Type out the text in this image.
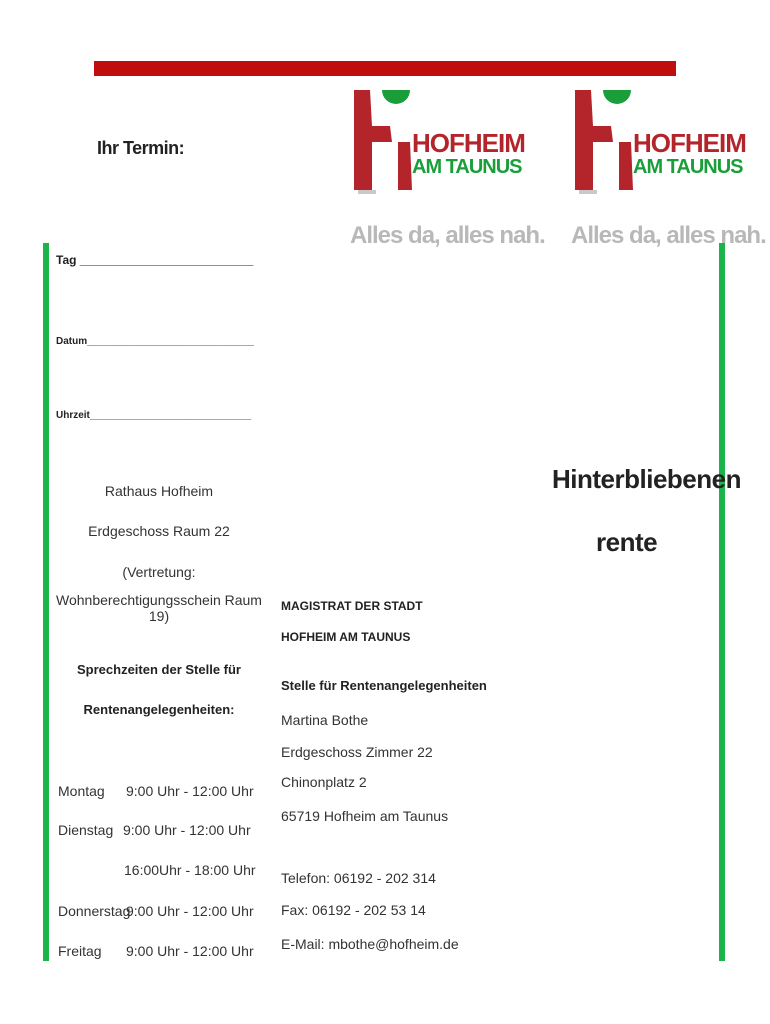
HOFHEIM
AM TAUNUS
Alles da, alles nah.
HOFHEIM
AM TAUNUS
Alles da, alles nah.
Ihr Termin:
Tag ________________________
Datum______________________________
Uhrzeit_____________________________
Rathaus Hofheim
Erdgeschoss Raum 22
(Vertretung:
Wohnberechtigungsschein Raum 19)
Sprechzeiten der Stelle für
Rentenangelegenheiten:
Montag 9:00 Uhr - 12:00 Uhr
Dienstag 9:00 Uhr - 12:00 Uhr
16:00Uhr - 18:00 Uhr
Donnerstag
9:00 Uhr - 12:00 Uhr
Freitag 9:00 Uhr - 12:00 Uhr
MAGISTRAT DER STADT
HOFHEIM AM TAUNUS
Stelle für Rentenangelegenheiten
Martina Bothe
Erdgeschoss Zimmer 22
Chinonplatz 2
65719 Hofheim am Taunus
Telefon: 06192 - 202 314
Fax: 06192 - 202 53 14
E-Mail: mbothe@hofheim.de
Hinterbliebenen
rente
